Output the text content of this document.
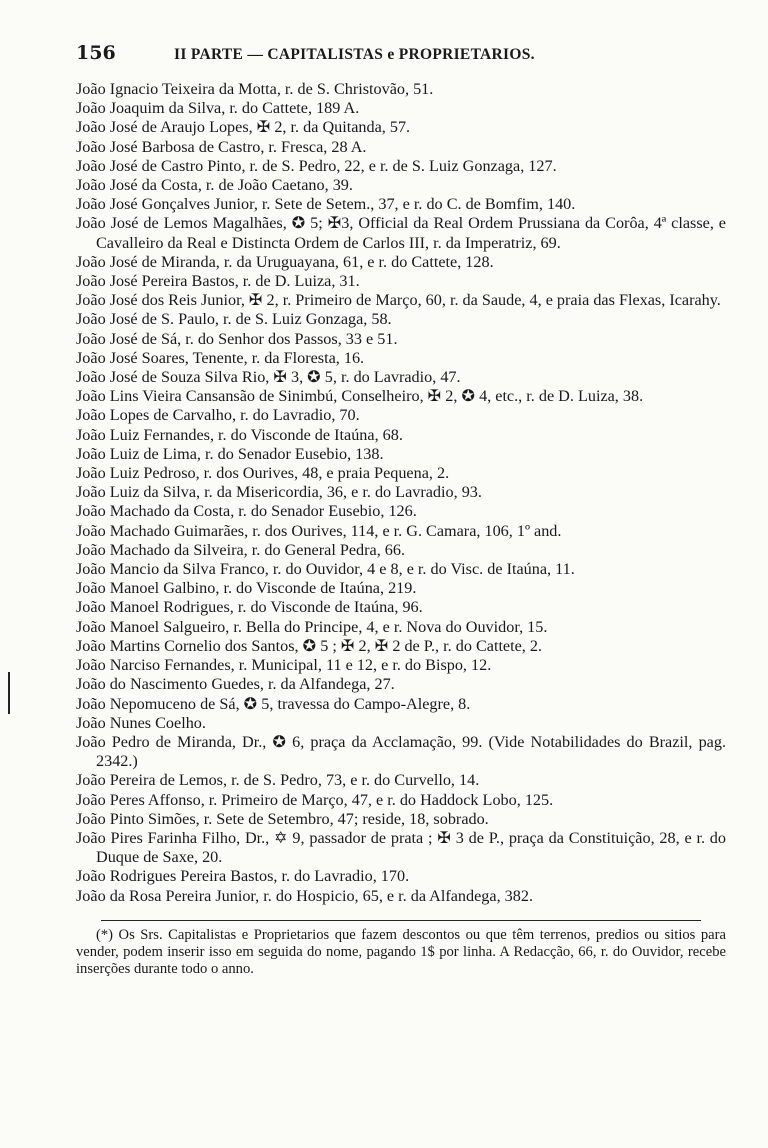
156	II PARTE — CAPITALISTAS e PROPRIETARIOS.
João Ignacio Teixeira da Motta, r. de S. Christovão, 51.
João Joaquim da Silva, r. do Cattete, 189 A.
João José de Araujo Lopes, ✠ 2, r. da Quitanda, 57.
João José Barbosa de Castro, r. Fresca, 28 A.
João José de Castro Pinto, r. de S. Pedro, 22, e r. de S. Luiz Gonzaga, 127.
João José da Costa, r. de João Caetano, 39.
João José Gonçalves Junior, r. Sete de Setem., 37, e r. do C. de Bomfim, 140.
João José de Lemos Magalhães, ✪ 5; ✠3, Official da Real Ordem Prussiana da Corôa, 4ª classe, e Cavalleiro da Real e Distincta Ordem de Carlos III, r. da Imperatriz, 69.
João José de Miranda, r. da Uruguayana, 61, e r. do Cattete, 128.
João José Pereira Bastos, r. de D. Luiza, 31.
João José dos Reis Junior, ✠ 2, r. Primeiro de Março, 60, r. da Saude, 4, e praia das Flexas, Icarahy.
João José de S. Paulo, r. de S. Luiz Gonzaga, 58.
João José de Sá, r. do Senhor dos Passos, 33 e 51.
João José Soares, Tenente, r. da Floresta, 16.
João José de Souza Silva Rio, ✠ 3, ✪ 5, r. do Lavradio, 47.
João Lins Vieira Cansansão de Sinimbú, Conselheiro, ✠ 2, ✪ 4, etc., r. de D. Luiza, 38.
João Lopes de Carvalho, r. do Lavradio, 70.
João Luiz Fernandes, r. do Visconde de Itaúna, 68.
João Luiz de Lima, r. do Senador Eusebio, 138.
João Luiz Pedroso, r. dos Ourives, 48, e praia Pequena, 2.
João Luiz da Silva, r. da Misericordia, 36, e r. do Lavradio, 93.
João Machado da Costa, r. do Senador Eusebio, 126.
João Machado Guimarães, r. dos Ourives, 114, e r. G. Camara, 106, 1º and.
João Machado da Silveira, r. do General Pedra, 66.
João Mancio da Silva Franco, r. do Ouvidor, 4 e 8, e r. do Visc. de Itaúna, 11.
João Manoel Galbino, r. do Visconde de Itaúna, 219.
João Manoel Rodrigues, r. do Visconde de Itaúna, 96.
João Manoel Salgueiro, r. Bella do Principe, 4, e r. Nova do Ouvidor, 15.
João Martins Cornelio dos Santos, ✪ 5 ; ✠ 2, ✠ 2 de P., r. do Cattete, 2.
João Narciso Fernandes, r. Municipal, 11 e 12, e r. do Bispo, 12.
João do Nascimento Guedes, r. da Alfandega, 27.
João Nepomuceno de Sá, ✪ 5, travessa do Campo-Alegre, 8.
João Nunes Coelho.
João Pedro de Miranda, Dr., ✪ 6, praça da Acclamação, 99. (Vide Notabilidades do Brazil, pag. 2342.)
João Pereira de Lemos, r. de S. Pedro, 73, e r. do Curvello, 14.
João Peres Affonso, r. Primeiro de Março, 47, e r. do Haddock Lobo, 125.
João Pinto Simões, r. Sete de Setembro, 47; reside, 18, sobrado.
João Pires Farinha Filho, Dr., ✡ 9, passador de prata ; ✠ 3 de P., praça da Constituição, 28, e r. do Duque de Saxe, 20.
João Rodrigues Pereira Bastos, r. do Lavradio, 170.
João da Rosa Pereira Junior, r. do Hospicio, 65, e r. da Alfandega, 382.

(*) Os Srs. Capitalistas e Proprietarios que fazem descontos ou que têm terrenos, predios ou sitios para vender, podem inserir isso em seguida do nome, pagando 1$ por linha. A Redacção, 66, r. do Ouvidor, recebe inserções durante todo o anno.
